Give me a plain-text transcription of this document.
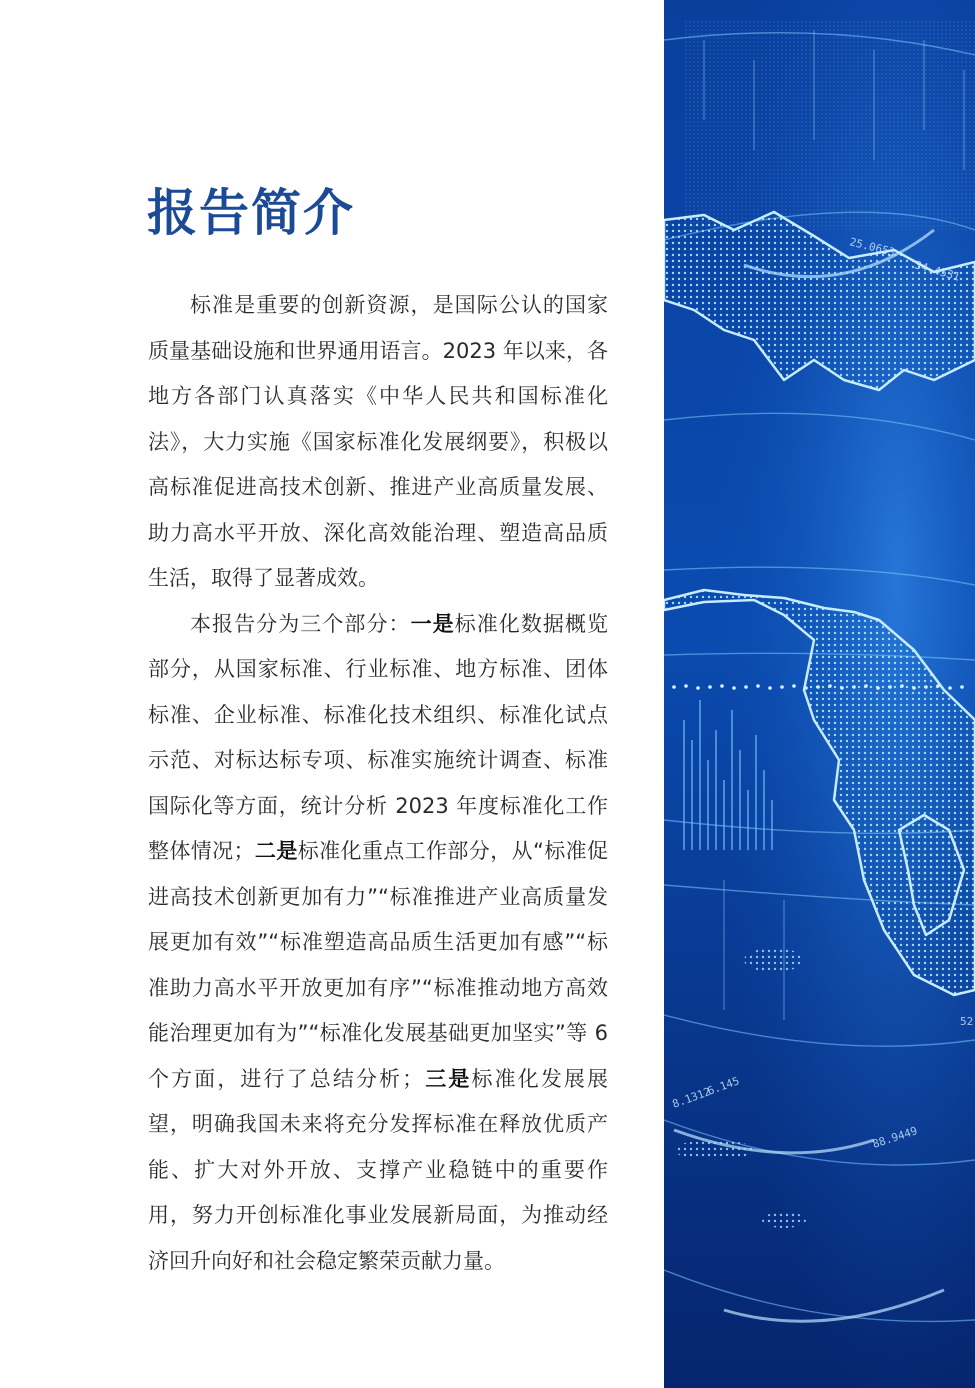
报告简介

标准是重要的创新资源，是国际公认的国家质量基础设施和世界通用语言。2023 年以来，各地方各部门认真落实《中华人民共和国标准化法》，大力实施《国家标准化发展纲要》，积极以高标准促进高技术创新、推进产业高质量发展、助力高水平开放、深化高效能治理、塑造高品质生活，取得了显著成效。

本报告分为三个部分：一是标准化数据概览部分，从国家标准、行业标准、地方标准、团体标准、企业标准、标准化技术组织、标准化试点示范、对标达标专项、标准实施统计调查、标准国际化等方面，统计分析 2023 年度标准化工作整体情况；二是标准化重点工作部分，从“标准促进高技术创新更加有力”“标准推进产业高质量发展更加有效”“标准塑造高品质生活更加有感”“标准助力高水平开放更加有序”“标准推动地方高效能治理更加有为”“标准化发展基础更加坚实”等 6 个方面，进行了总结分析；三是标准化发展展望，明确我国未来将充分发挥标准在释放优质产能、扩大对外开放、支撑产业稳链中的重要作用，努力开创标准化事业发展新局面，为推动经济回升向好和社会稳定繁荣贡献力量。

25.0653
34.4531
8.1312
6.145
88.9449
52
